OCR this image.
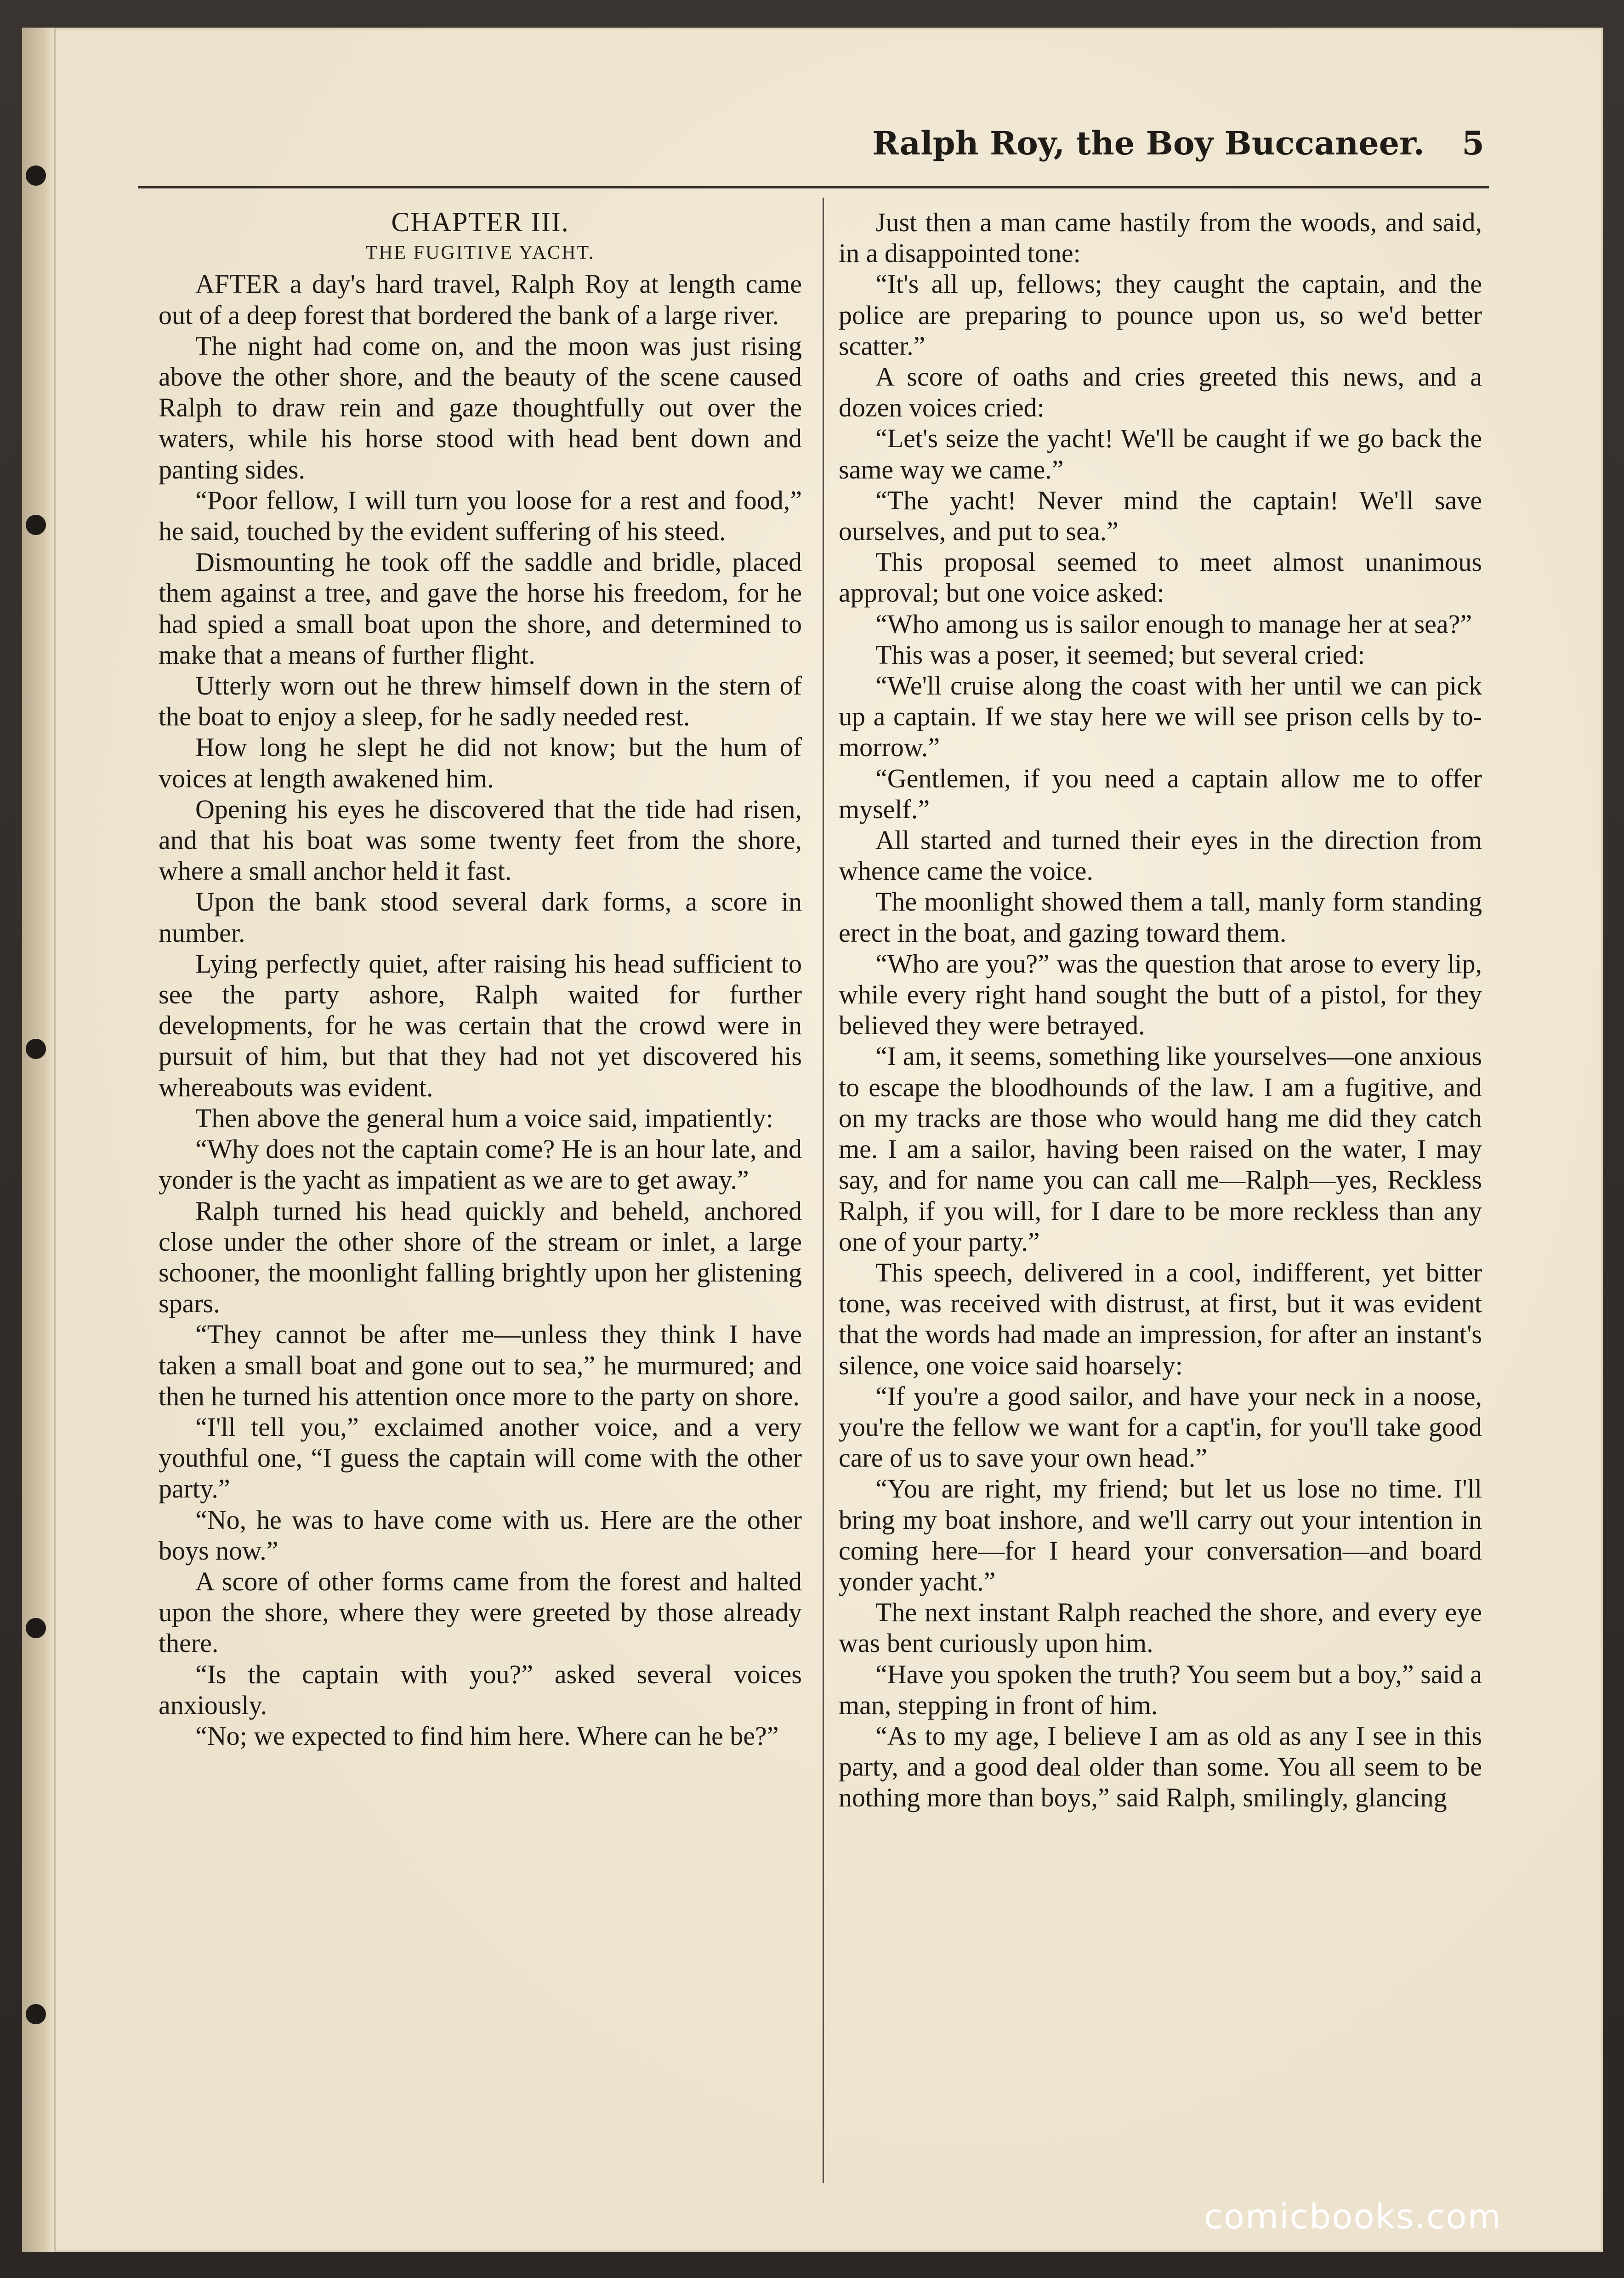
Ralph Roy, the Boy Buccaneer.	5

CHAPTER III.

THE FUGITIVE YACHT.

AFTER a day's hard travel, Ralph Roy at length came out of a deep forest that bordered the bank of a large river.

The night had come on, and the moon was just rising above the other shore, and the beauty of the scene caused Ralph to draw rein and gaze thoughtfully out over the waters, while his horse stood with head bent down and panting sides.

“Poor fellow, I will turn you loose for a rest and food,” he said, touched by the evident suffering of his steed.

Dismounting he took off the saddle and bridle, placed them against a tree, and gave the horse his freedom, for he had spied a small boat upon the shore, and determined to make that a means of further flight.

Utterly worn out he threw himself down in the stern of the boat to enjoy a sleep, for he sadly needed rest.

How long he slept he did not know; but the hum of voices at length awakened him.

Opening his eyes he discovered that the tide had risen, and that his boat was some twenty feet from the shore, where a small anchor held it fast.

Upon the bank stood several dark forms, a score in number.

Lying perfectly quiet, after raising his head sufficient to see the party ashore, Ralph waited for further developments, for he was certain that the crowd were in pursuit of him, but that they had not yet discovered his whereabouts was evident.

Then above the general hum a voice said, impatiently:

“Why does not the captain come? He is an hour late, and yonder is the yacht as impatient as we are to get away.”

Ralph turned his head quickly and beheld, anchored close under the other shore of the stream or inlet, a large schooner, the moonlight falling brightly upon her glistening spars.

“They cannot be after me—unless they think I have taken a small boat and gone out to sea,” he murmured; and then he turned his attention once more to the party on shore.

“I'll tell you,” exclaimed another voice, and a very youthful one, “I guess the captain will come with the other party.”

“No, he was to have come with us. Here are the other boys now.”

A score of other forms came from the forest and halted upon the shore, where they were greeted by those already there.

“Is the captain with you?” asked several voices anxiously.

“No; we expected to find him here. Where can he be?”

Just then a man came hastily from the woods, and said, in a disappointed tone:

“It's all up, fellows; they caught the captain, and the police are preparing to pounce upon us, so we'd better scatter.”

A score of oaths and cries greeted this news, and a dozen voices cried:

“Let's seize the yacht! We'll be caught if we go back the same way we came.”

“The yacht! Never mind the captain! We'll save ourselves, and put to sea.”

This proposal seemed to meet almost unanimous approval; but one voice asked:

“Who among us is sailor enough to manage her at sea?”

This was a poser, it seemed; but several cried:

“We'll cruise along the coast with her until we can pick up a captain. If we stay here we will see prison cells by to-morrow.”

“Gentlemen, if you need a captain allow me to offer myself.”

All started and turned their eyes in the direction from whence came the voice.

The moonlight showed them a tall, manly form standing erect in the boat, and gazing toward them.

“Who are you?” was the question that arose to every lip, while every right hand sought the butt of a pistol, for they believed they were betrayed.

“I am, it seems, something like yourselves—one anxious to escape the bloodhounds of the law. I am a fugitive, and on my tracks are those who would hang me did they catch me. I am a sailor, having been raised on the water, I may say, and for name you can call me—Ralph—yes, Reckless Ralph, if you will, for I dare to be more reckless than any one of your party.”

This speech, delivered in a cool, indifferent, yet bitter tone, was received with distrust, at first, but it was evident that the words had made an impression, for after an instant's silence, one voice said hoarsely:

“If you're a good sailor, and have your neck in a noose, you're the fellow we want for a capt'in, for you'll take good care of us to save your own head.”

“You are right, my friend; but let us lose no time. I'll bring my boat inshore, and we'll carry out your intention in coming here—for I heard your conversation—and board yonder yacht.”

The next instant Ralph reached the shore, and every eye was bent curiously upon him.

“Have you spoken the truth? You seem but a boy,” said a man, stepping in front of him.

“As to my age, I believe I am as old as any I see in this party, and a good deal older than some. You all seem to be nothing more than boys,” said Ralph, smilingly, glancing

comicbooks.com
